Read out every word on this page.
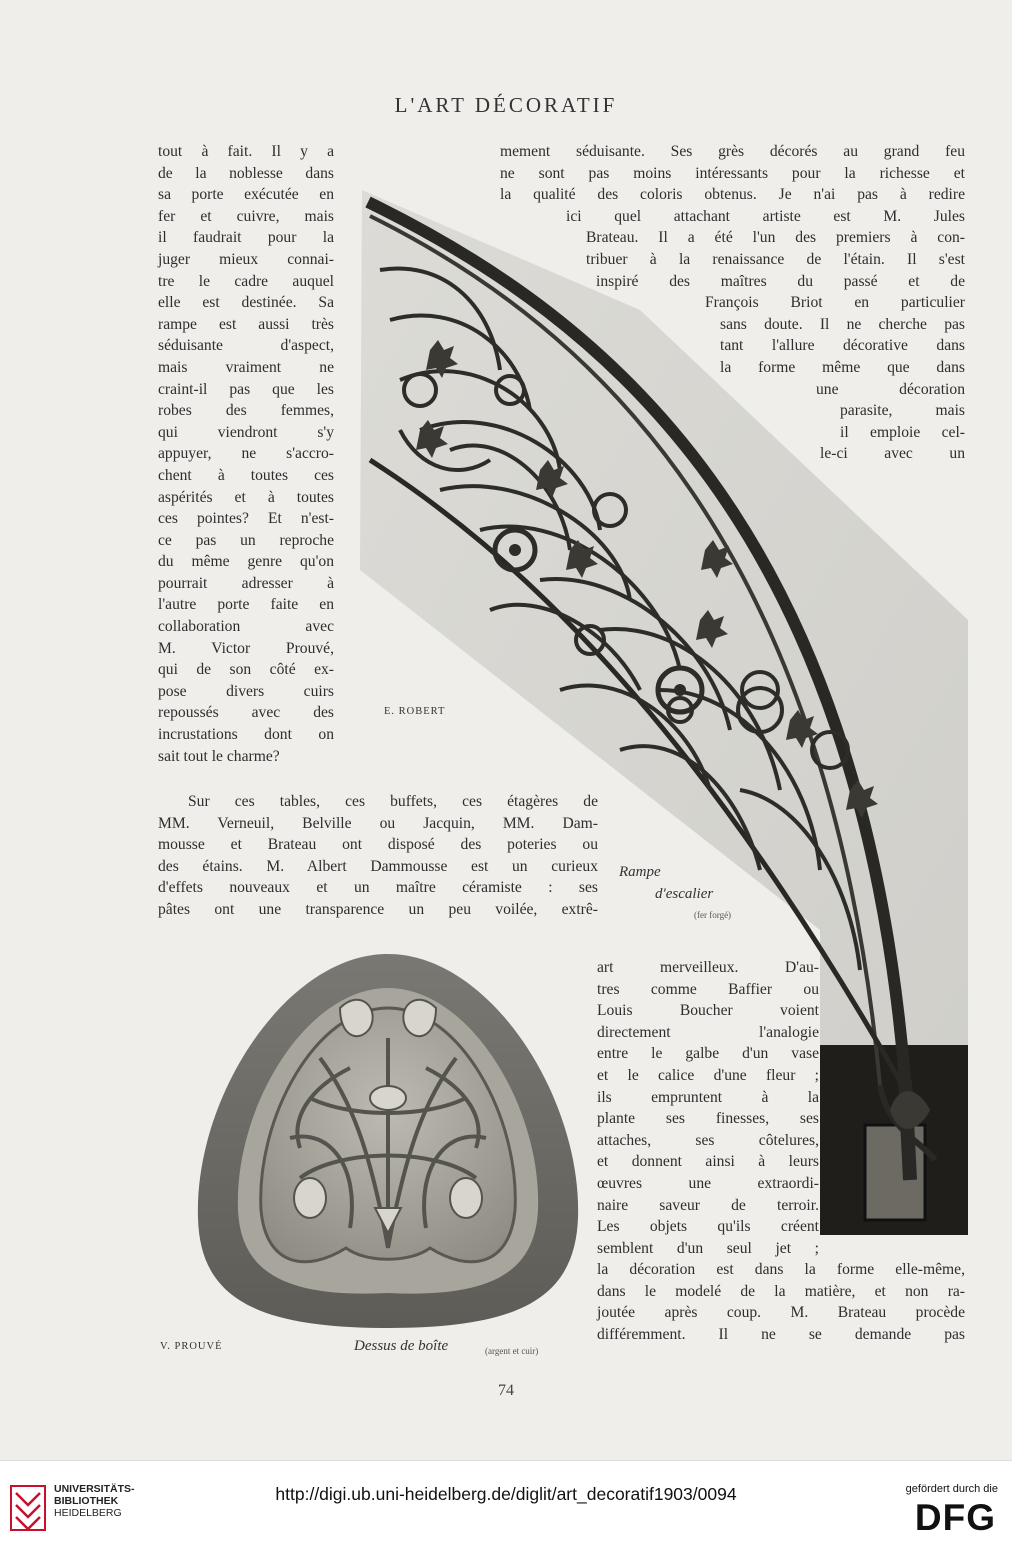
L'ART DÉCORATIF
tout à fait. Il y a
de la noblesse dans
sa porte exécutée en
fer et cuivre, mais
il faudrait pour la
juger mieux connai-
tre le cadre auquel
elle est destinée. Sa
rampe est aussi très
séduisante d'aspect,
mais vraiment ne
craint-il pas que les
robes des femmes,
qui viendront s'y
appuyer, ne s'accro-
chent à toutes ces
aspérités et à toutes
ces pointes? Et n'est-
ce pas un reproche
du même genre qu'on
pourrait adresser à
l'autre porte faite en
collaboration avec
M. Victor Prouvé,
qui de son côté ex-
pose divers cuirs
repoussés avec des
incrustations dont on
sait tout le charme?
mement séduisante. Ses grès décorés au grand feu
ne sont pas moins intéressants pour la richesse et
la qualité des coloris obtenus. Je n'ai pas à redire
ici quel attachant artiste est M. Jules
Brateau. Il a été l'un des premiers à con-
tribuer à la renaissance de l'étain. Il s'est
inspiré des maîtres du passé et de
François Briot en particulier
sans doute. Il ne cherche pas
tant l'allure décorative dans
la forme même que dans
une décoration
parasite, mais
il emploie cel-
le-ci avec un
Sur ces tables, ces buffets, ces étagères de
MM. Verneuil, Belville ou Jacquin, MM. Dam-
mousse et Brateau ont disposé des poteries ou
des étains. M. Albert Dammousse est un curieux
d'effets nouveaux et un maître céramiste : ses
pâtes ont une transparence un peu voilée, extrê-
art merveilleux. D'au-
tres comme Baffier ou
Louis Boucher voient
directement l'analogie
entre le galbe d'un vase
et le calice d'une fleur ;
ils empruntent à la
plante ses finesses, ses
attaches, ses côtelures,
et donnent ainsi à leurs
œuvres une extraordi-
naire saveur de terroir.
Les objets qu'ils créent
semblent d'un seul jet ;
la décoration est dans la forme elle-même,
dans le modelé de la matière, et non ra-
joutée après coup. M. Brateau procède
différemment. Il ne se demande pas
E. ROBERT
Rampe
d'escalier
(fer forgé)
V. PROUVÉ	Dessus de boîte	(argent et cuir)
74
UNIVERSITÄTS-
BIBLIOTHEK
HEIDELBERG
http://digi.ub.uni-heidelberg.de/diglit/art_decoratif1903/0094	gefördert durch die
DFG
